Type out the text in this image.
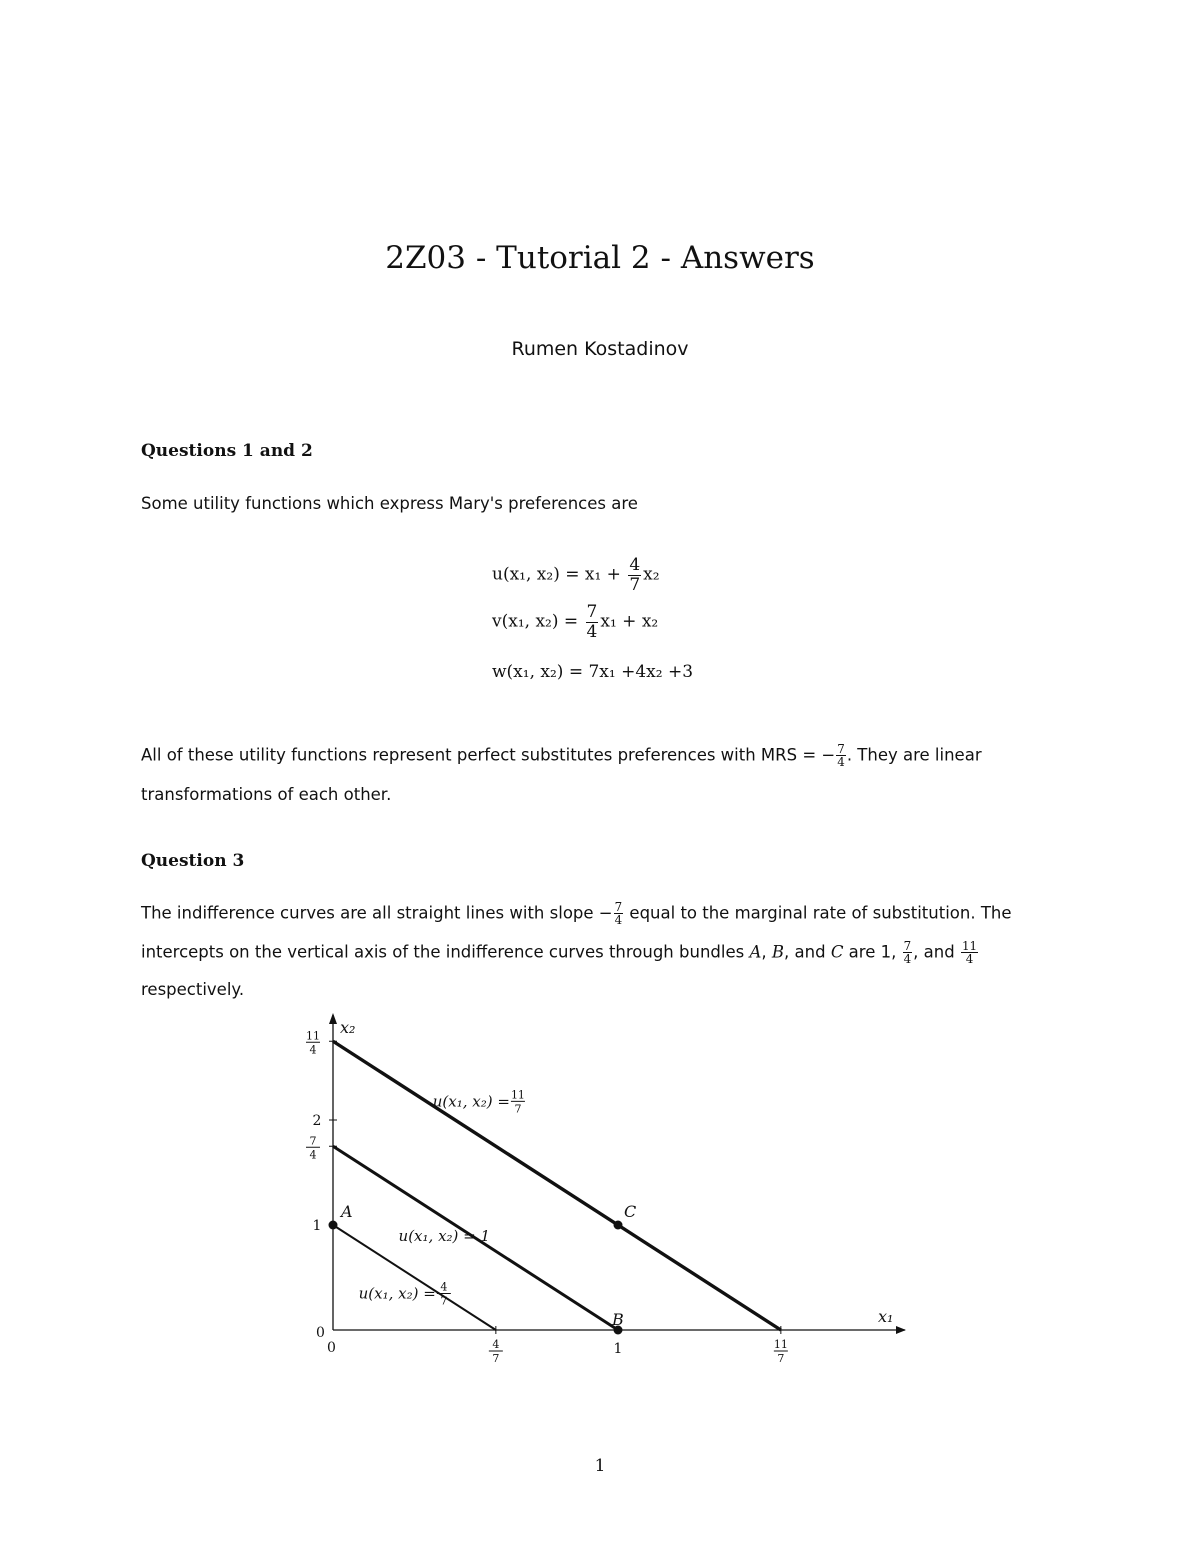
2Z03 - Tutorial 2 - Answers
Rumen Kostadinov
Questions 1 and 2
Some utility functions which express Mary's preferences are
u(x₁, $x_2) = x_1 + \frac{4}{7} x_2$
v(x₁, $x_2) = \frac{7}{4} x_1 + x_2$
w(x₁, x₂) = 7x₁ +4x₂ +3
All of these utility functions represent perfect substitutes preferences with MRS = − $\frac{7}{4}$ . They are linear
transformations of each other.
Question 3
The indifference curves are all straight lines with slope − $\frac{7}{4}$ equal to the marginal rate of substitution. The
intercepts on the vertical axis of the indifference curves through bundles A, B, and C are 1, $\frac{7}{4}$ , and $\frac{11}{4}$
respectively.
x₂
x₁
0
0	4
7
1	11
7
1
7
4
2
11
4
u(x₁, x₂) = 4
7
u(x₁, x₂) = 1
u(x₁, x₂) = 11
7
A
B
C
1
